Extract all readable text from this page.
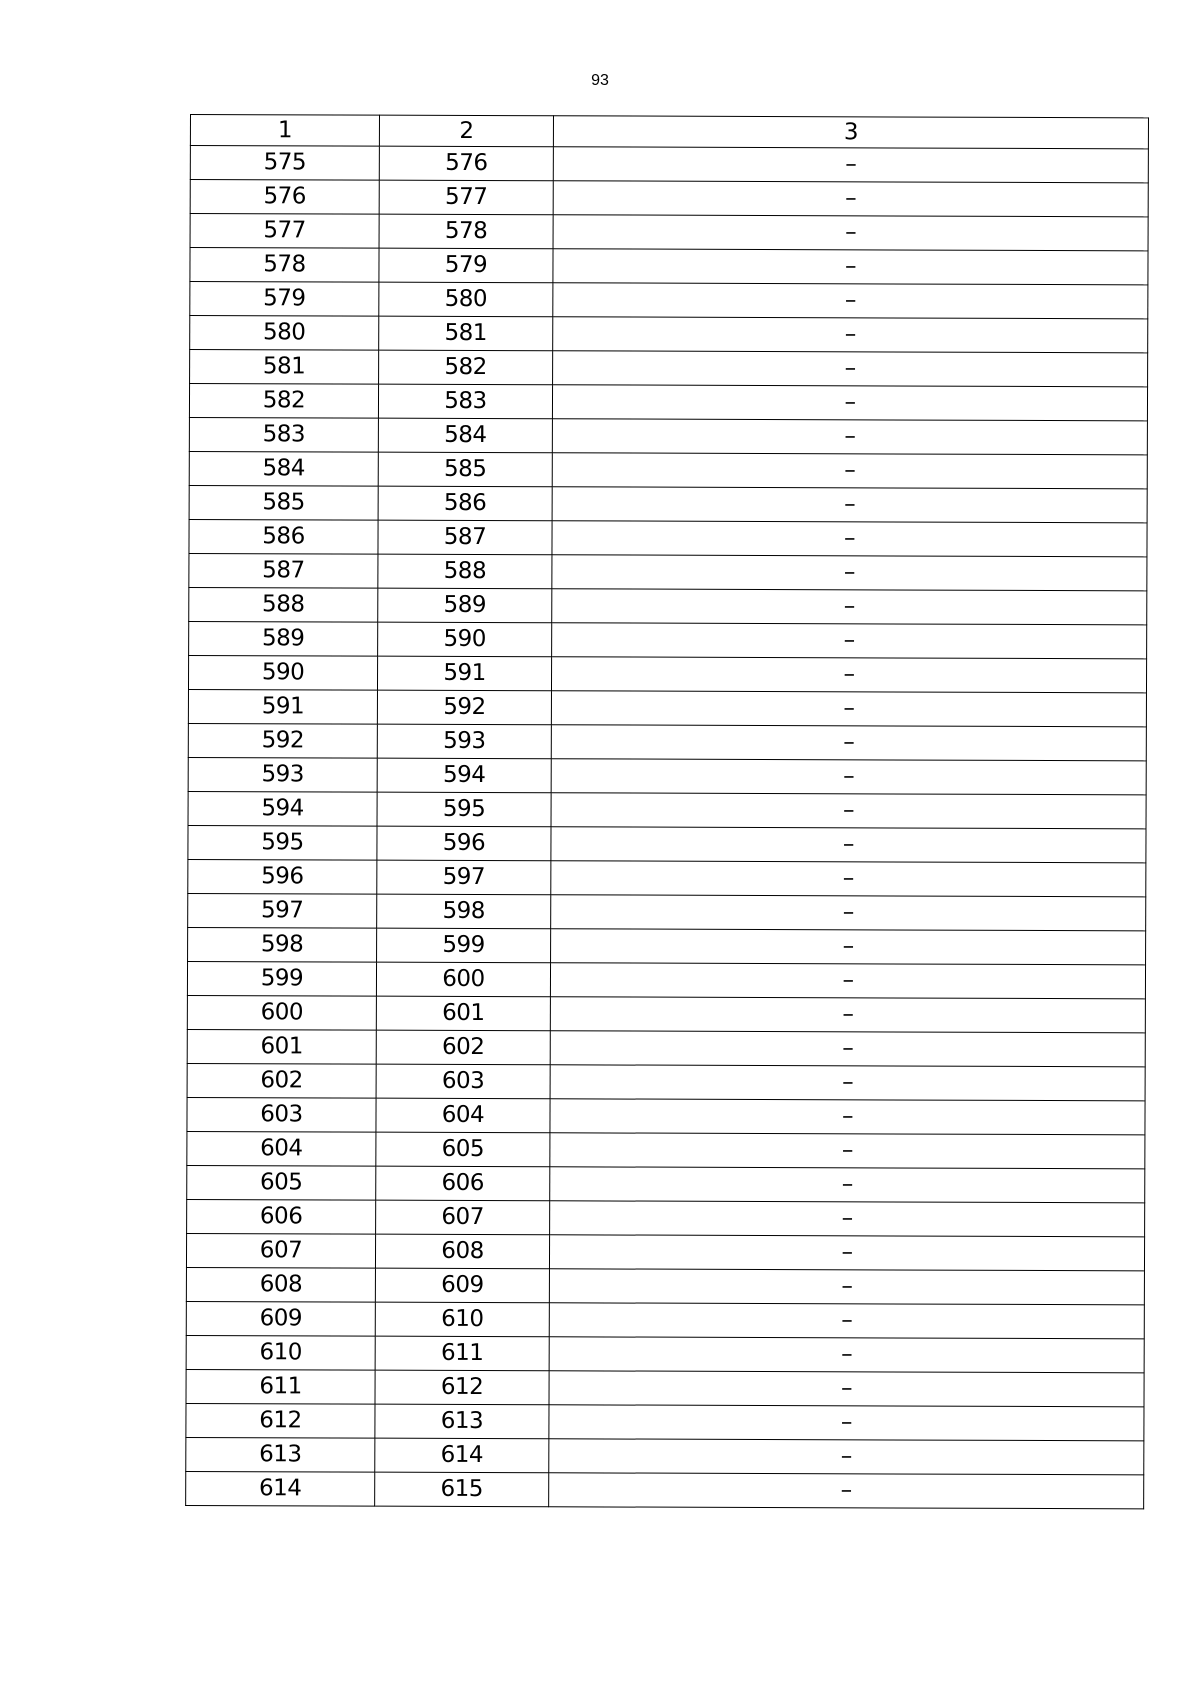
93
1	2	3
575	576	–
576	577	–
577	578	–
578	579	–
579	580	–
580	581	–
581	582	–
582	583	–
583	584	–
584	585	–
585	586	–
586	587	–
587	588	–
588	589	–
589	590	–
590	591	–
591	592	–
592	593	–
593	594	–
594	595	–
595	596	–
596	597	–
597	598	–
598	599	–
599	600	–
600	601	–
601	602	–
602	603	–
603	604	–
604	605	–
605	606	–
606	607	–
607	608	–
608	609	–
609	610	–
610	611	–
611	612	–
612	613	–
613	614	–
614	615	–
